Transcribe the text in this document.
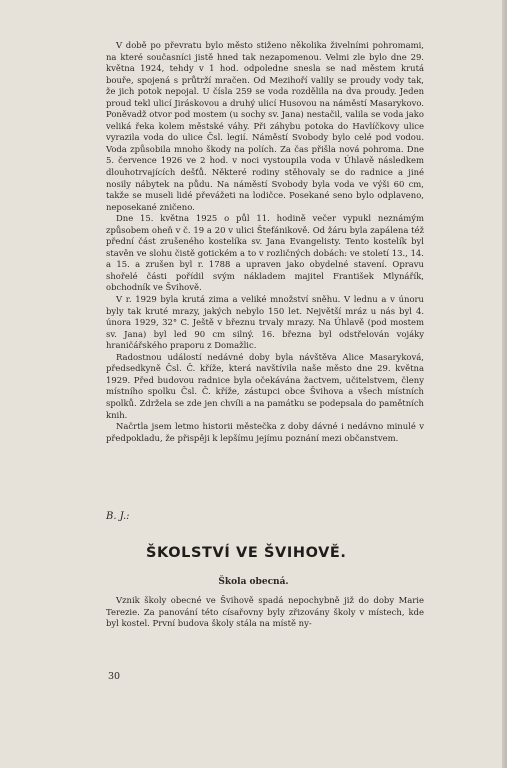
V době po převratu bylo město stiženo několika živelními pohromami, na které současníci jistě hned tak nezapomenou. Velmi zle bylo dne 29. května 1924, tehdy v 1 hod. odpoledne snesla se nad městem krutá bouře, spojená s průtrží mračen. Od Mezihoří valily se proudy vody tak, že jich potok nepojal. U čísla 259 se voda rozdělila na dva proudy. Jeden proud tekl ulicí Jiráskovou a druhý ulicí Husovou na náměstí Masarykovo. Poněvadž otvor pod mostem (u sochy sv. Jana) nestačil, valila se voda jako veliká řeka kolem městské váhy. Při záhybu potoka do Havlíčkovy ulice vyrazila voda do ulice Čsl. legií. Náměstí Svobody bylo celé pod vodou. Voda způsobila mnoho škody na polích. Za čas přišla nová pohroma. Dne 5. července 1926 ve 2 hod. v noci vystoupila voda v Úhlavě následkem dlouhotrvajících dešťů. Některé rodiny stěhovaly se do radnice a jiné nosily nábytek na půdu. Na náměstí Svobody byla voda ve výši 60 cm, takže se museli lidé převážeti na lodičce. Posekané seno bylo odplaveno, neposekané zničeno.

Dne 15. května 1925 o půl 11. hodině večer vypukl neznámým způsobem oheň v č. 19 a 20 v ulici Štefánikově. Od žáru byla zapálena též přední část zrušeného kostelíka sv. Jana Evangelisty. Tento kostelík byl stavěn ve slohu čistě gotickém a to v rozličných dobách: ve století 13., 14. a 15. a zrušen byl r. 1788 a upraven jako obydelné stavení. Opravu shořelé části pořídil svým nákladem majitel František Mlynářík, obchodník ve Švihově.

V r. 1929 byla krutá zima a veliké množství sněhu. V lednu a v únoru byly tak kruté mrazy, jakých nebylo 150 let. Největší mráz u nás byl 4. února 1929, 32° C. Ještě v březnu trvaly mrazy. Na Úhlavě (pod mostem sv. Jana) byl led 90 cm silný. 16. března byl odstřelován vojáky hraničářského praporu z Domažlic.

Radostnou událostí nedávné doby byla návštěva Alice Masaryková, předsedkyně Čsl. Č. kříže, která navštívila naše město dne 29. května 1929. Před budovou radnice byla očekávána žactvem, učitelstvem, členy místního spolku Čsl. Č. kříže, zástupci obce Švihova a všech místních spolků. Zdržela se zde jen chvíli a na památku se podepsala do pamětních knih.

Načrtla jsem letmo historii městečka z doby dávné i nedávno minulé v předpokladu, že přispěji k lepšímu jejímu poznání mezi občanstvem.

B. J.:
ŠKOLSTVÍ VE ŠVIHOVĚ.
Škola obecná.

Vznik školy obecné ve Švihově spadá nepochybně již do doby Marie Terezie. Za panování této císařovny byly zřizovány školy v místech, kde byl kostel. První budova školy stála na místě ny-

30
